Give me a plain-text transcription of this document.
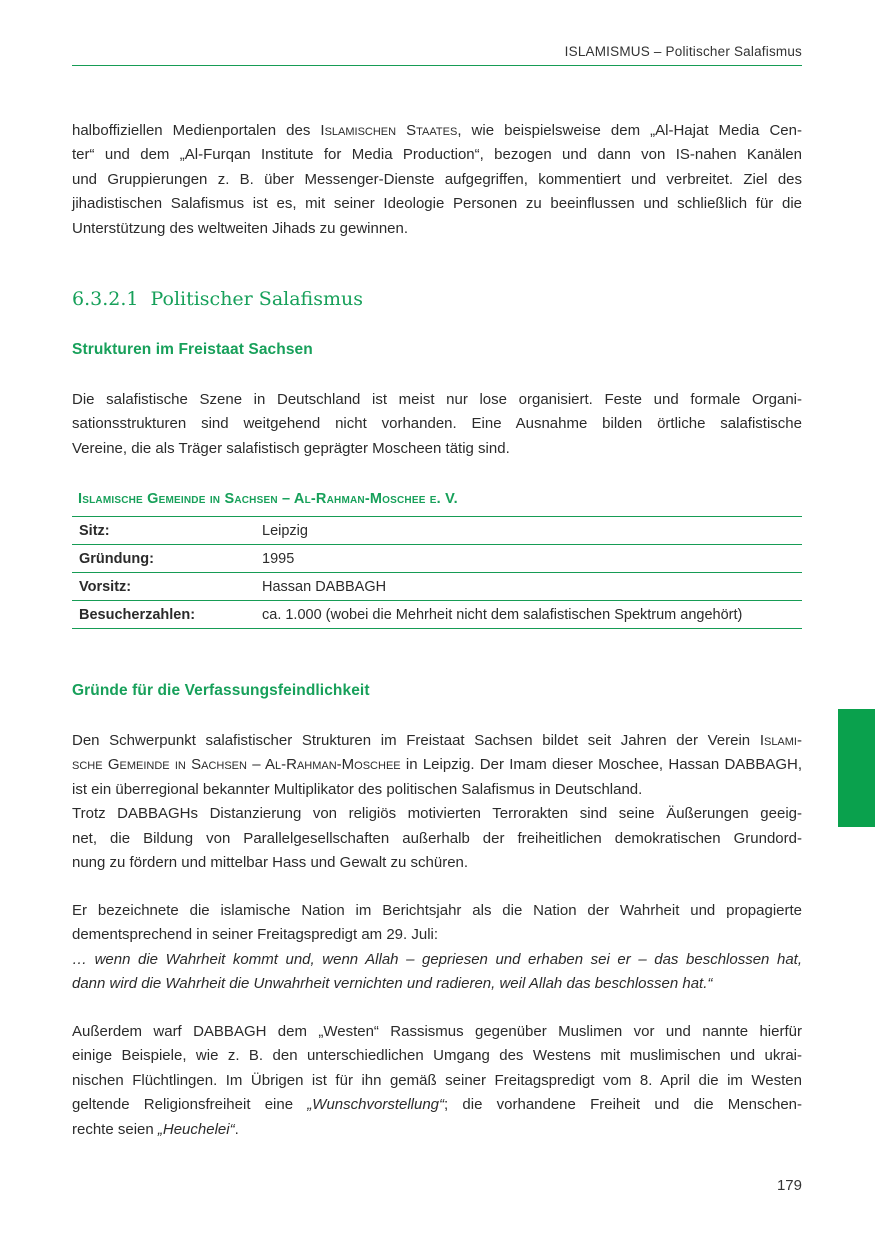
ISLAMISMUS – Politischer Salafismus
halboffiziellen Medienportalen des Islamischen Staates, wie beispielsweise dem „Al-Hajat Media Cen-
ter“ und dem „Al-Furqan Institute for Media Production“, bezogen und dann von IS-nahen Kanälen
und Gruppierungen z. B. über Messenger-Dienste aufgegriffen, kommentiert und verbreitet. Ziel des
jihadistischen Salafismus ist es, mit seiner Ideologie Personen zu beeinflussen und schließlich für die
Unterstützung des weltweiten Jihads zu gewinnen.
6.3.2.1 Politischer Salafismus
Strukturen im Freistaat Sachsen
Die salafistische Szene in Deutschland ist meist nur lose organisiert. Feste und formale Organi-
sationsstrukturen sind weitgehend nicht vorhanden. Eine Ausnahme bilden örtliche salafistische
Vereine, die als Träger salafistisch geprägter Moscheen tätig sind.
Islamische Gemeinde in Sachsen – Al-Rahman-Moschee e. V.
Sitz:	Leipzig
Gründung:	1995
Vorsitz:	Hassan DABBAGH
Besucherzahlen:	ca. 1.000 (wobei die Mehrheit nicht dem salafistischen Spektrum angehört)
Gründe für die Verfassungsfeindlichkeit
Den Schwerpunkt salafistischer Strukturen im Freistaat Sachsen bildet seit Jahren der Verein Islami-
sche Gemeinde in Sachsen – Al-Rahman-Moschee in Leipzig. Der Imam dieser Moschee, Hassan DABBAGH,
ist ein überregional bekannter Multiplikator des politischen Salafismus in Deutschland.
Trotz DABBAGHs Distanzierung von religiös motivierten Terrorakten sind seine Äußerungen geeig-
net, die Bildung von Parallelgesellschaften außerhalb der freiheitlichen demokratischen Grundord-
nung zu fördern und mittelbar Hass und Gewalt zu schüren.
Er bezeichnete die islamische Nation im Berichtsjahr als die Nation der Wahrheit und propagierte
dementsprechend in seiner Freitagspredigt am 29. Juli:
… wenn die Wahrheit kommt und, wenn Allah – gepriesen und erhaben sei er – das beschlossen hat,
dann wird die Wahrheit die Unwahrheit vernichten und radieren, weil Allah das beschlossen hat.“
Außerdem warf DABBAGH dem „Westen“ Rassismus gegenüber Muslimen vor und nannte hierfür
einige Beispiele, wie z. B. den unterschiedlichen Umgang des Westens mit muslimischen und ukrai-
nischen Flüchtlingen. Im Übrigen ist für ihn gemäß seiner Freitagspredigt vom 8. April die im Westen
geltende Religionsfreiheit eine „Wunschvorstellung“; die vorhandene Freiheit und die Menschen-
rechte seien „Heuchelei“.
179
